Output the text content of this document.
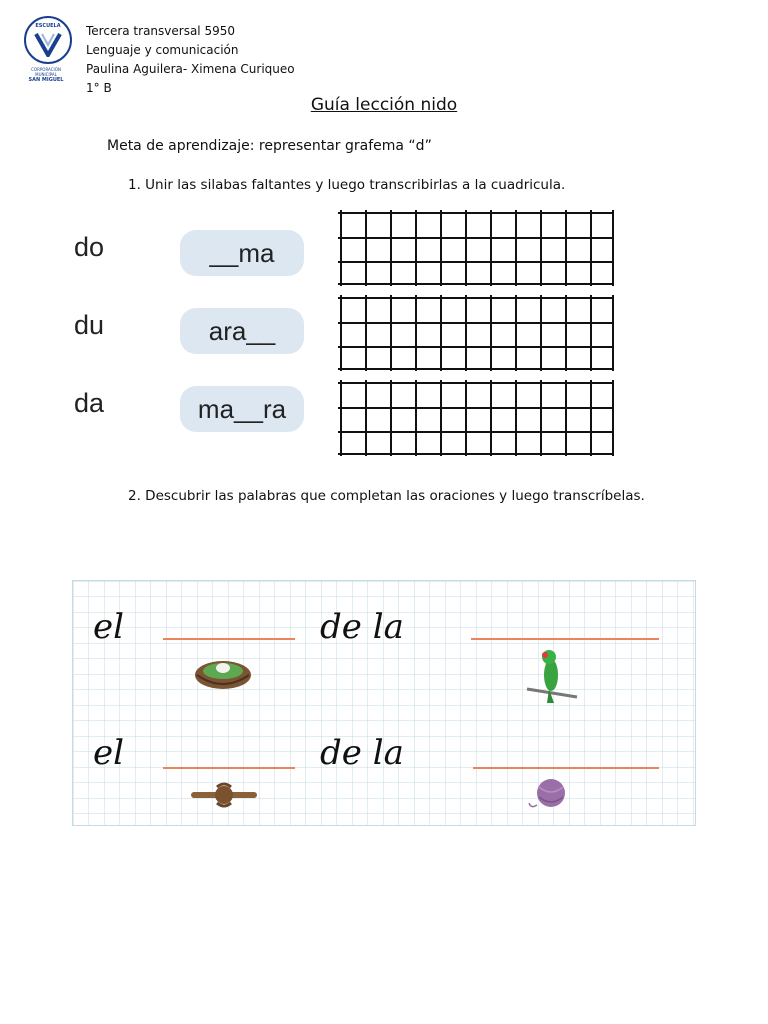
ESCUELA
CORPORACIÓN MUNICIPAL
SAN MIGUEL
Tercera transversal 5950
Lenguaje y comunicación
Paulina Aguilera- Ximena Curiqueo
1° B
Guía lección nido
Meta de aprendizaje: representar grafema “d”
1. Unir las silabas faltantes y luego transcribirlas a la cuadricula.
do
du
da
__ma
ara__
ma__ra
2. Descubrir las palabras que completan las oraciones y luego transcríbelas.
el	de la
el	de la
